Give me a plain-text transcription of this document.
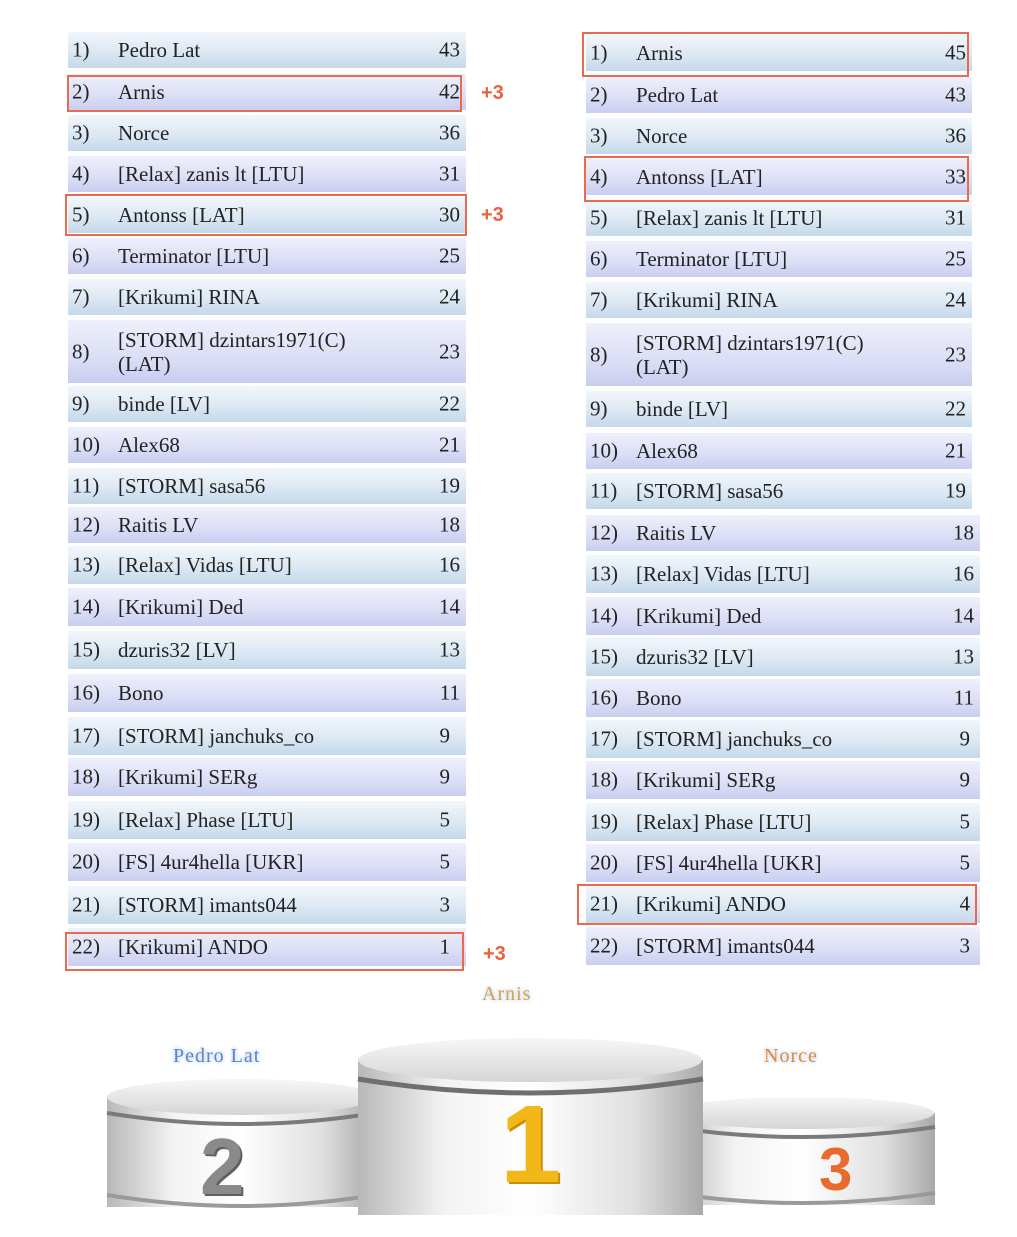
1) Pedro Lat	43
2) Arnis	42
3) Norce	36
4) [Relax] zanis lt [LTU]	31
5) Antonss [LAT]	30
6) Terminator [LTU]	25
7) [Krikumi] RINA	24
8) [STORM] dzintars1971(C) (LAT)
23
9) binde [LV]	22
10) Alex68	21
11) [STORM] sasa56	19
12) Raitis LV	18
13) [Relax] Vidas [LTU]	16
14) [Krikumi] Ded	14
15) dzuris32 [LV]	13
16) Bono	11
17) [STORM] janchuks_co	9
18) [Krikumi] SERg	9
19) [Relax] Phase [LTU]	5
20) [FS] 4ur4hella [UKR]	5
21) [STORM] imants044	3
22) [Krikumi] ANDO	1
1) Arnis	45
2) Pedro Lat	43
3) Norce	36
4) Antonss [LAT]	33
5) [Relax] zanis lt [LTU]	31
6) Terminator [LTU]	25
7) [Krikumi] RINA	24
8) [STORM] dzintars1971(C) (LAT)
23
9) binde [LV]	22
10) Alex68	21
11) [STORM] sasa56	19
12) Raitis LV	18
13) [Relax] Vidas [LTU]	16
14) [Krikumi] Ded	14
15) dzuris32 [LV]	13
16) Bono	11
17) [STORM] janchuks_co	9
18) [Krikumi] SERg	9
19) [Relax] Phase [LTU]	5
20) [FS] 4ur4hella [UKR]	5
21) [Krikumi] ANDO	4
22) [STORM] imants044	3
+3
+3
+3
Arnis
Pedro Lat	Norce
1
2	3
